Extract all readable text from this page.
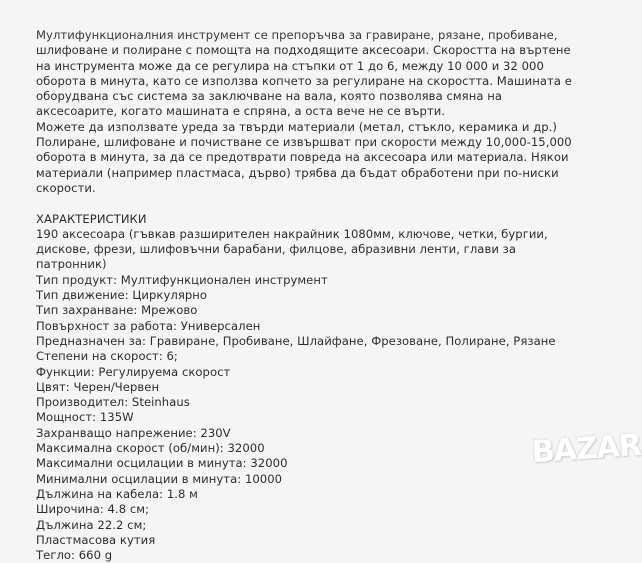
Мултифункционалния инструмент се препоръчва за гравиране, рязане, пробиване,
шлифоване и полиране с помощта на подходящите аксесоари. Скоростта на въртене
на инструмента може да се регулира на стъпки от 1 до 6, между 10 000 и 32 000
оборота в минута, като се използва копчето за регулиране на скоростта. Машината е
оборудвана със система за заключване на вала, която позволява смяна на
аксесоарите, когато машината е спряна, а оста вече не се върти.
Можете да използвате уреда за твърди материали (метал, стъкло, керамика и др.)
Полиране, шлифоване и почистване се извършват при скорости между 10,000-15,000
оборота в минута, за да се предотврати повреда на аксесоара или материала. Някои
материали (например пластмаса, дърво) трябва да бъдат обработени при по-ниски
скорости.
ХАРАКТЕРИСТИКИ
190 аксесоара (гъвкав разширителен накрайник 1080мм, ключове, четки, бургии,
дискове, фрези, шлифовъчни барабани, филцове, абразивни ленти, глави за
патронник)
Тип продукт: Мултифункционален инструмент
Тип движение: Циркулярно
Тип захранване: Мрежово
Повърхност за работа: Универсален
Предназначен за: Гравиране, Пробиване, Шлайфане, Фрезоване, Полиране, Рязане
Степени на скорост: 6;
Функции: Регулируема скорост
Цвят: Черен/Червен
Производител: Steinhaus
Мощност: 135W
Захранващо напрежение: 230V
Максимална скорост (об/мин): 32000
Максимални осцилации в минута: 32000
Минимални осцилации в минута: 10000
Дължина на кабела: 1.8 м
Широчина: 4.8 см;
Дължина 22.2 см;
Пластмасова кутия
Тегло: 660 g
BAZAR
